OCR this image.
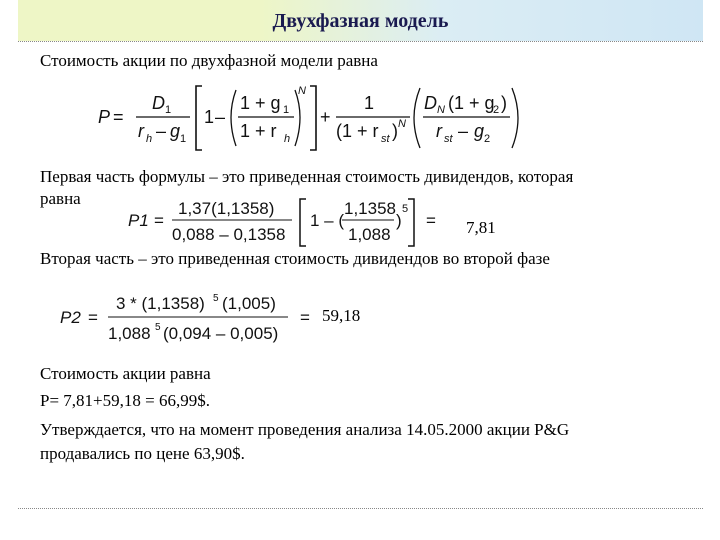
Двухфазная модель
Стоимость акции по двухфазной модели равна
P =
D 1
r h – g 1
1 –
1 + g 1
1 + r h
N
+
1
(1 + r st ) N
D N (1 + g
2 )
r st – g 2
Первая часть формулы – это приведенная стоимость дивидендов, которая
равна
P1 =
1,37(1,1358)
0,088 – 0,1358
1 – (
1,1358
1,088
)
5
= 7,81
Вторая часть – это приведенная стоимость дивидендов во второй фазе
P2 =
3 * (1,1358) 5 (1,005)
1,088 5 (0,094 – 0,005)
= 59,18
Стоимость акции равна
P= 7,81+59,18 = 66,99$.
Утверждается, что на момент проведения анализа 14.05.2000 акции P&G
продавались по цене 63,90$.
